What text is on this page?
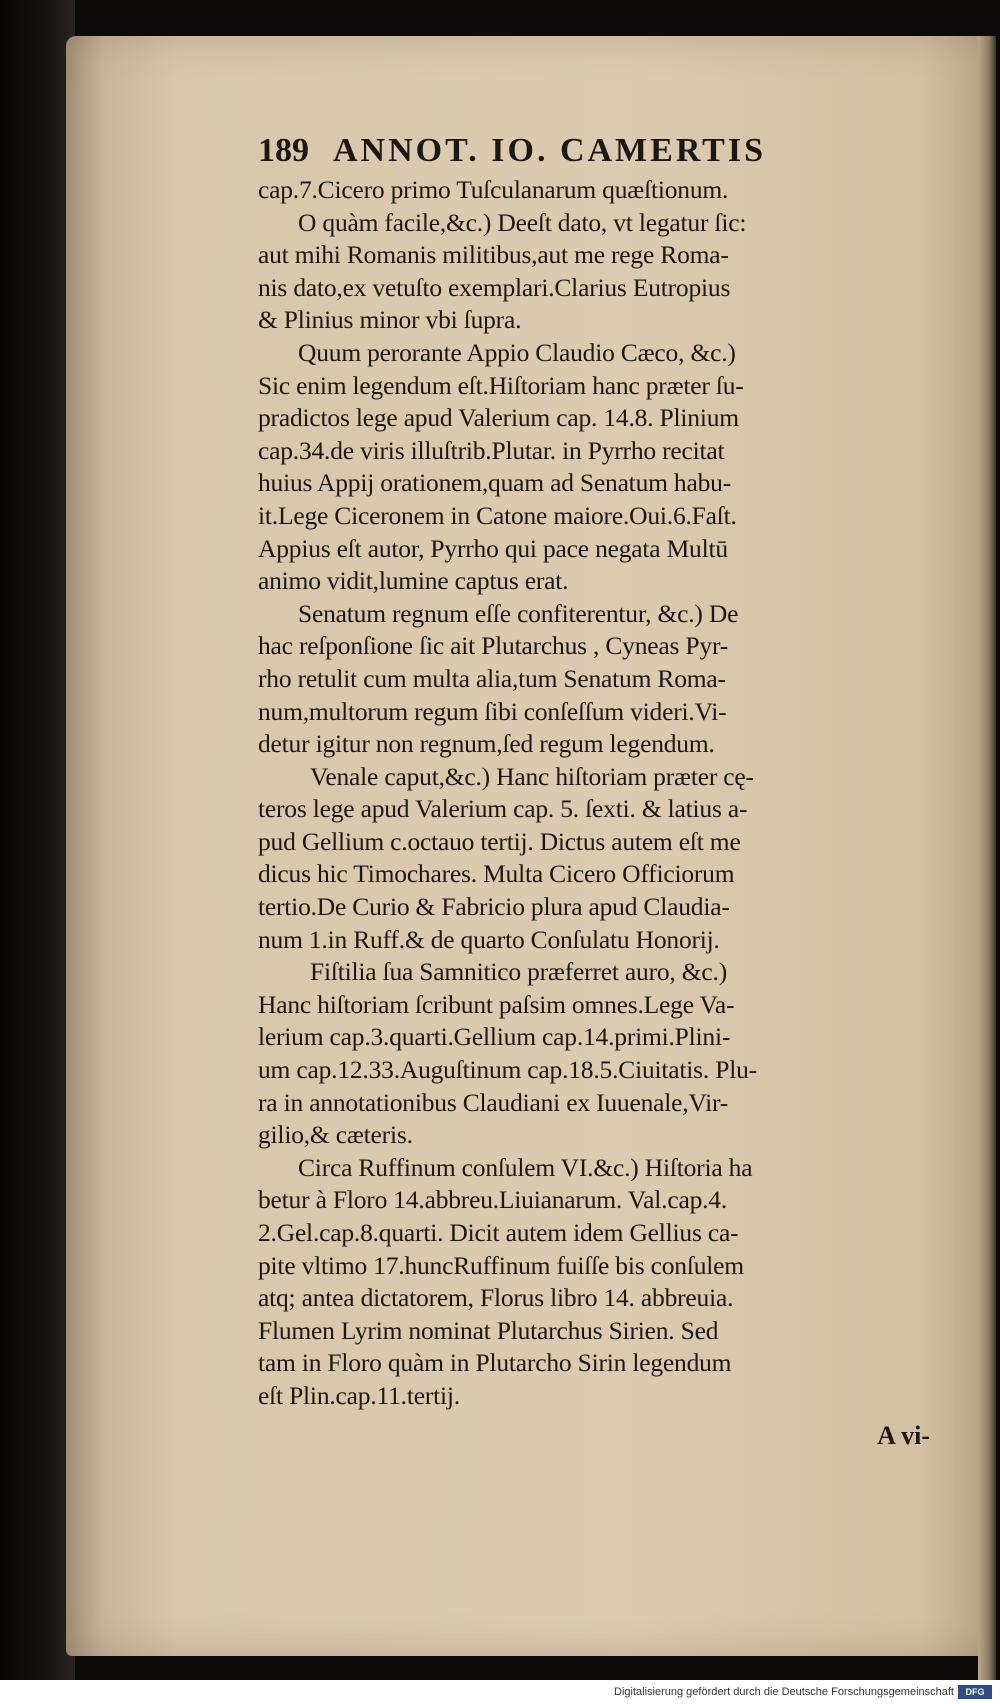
189 ANNOT. IO. CAMERTIS
cap.7.Cicero primo Tuſculanarum quæſtionum.
O quàm facile,&c.) Deeſt dato, vt legatur ſic:
aut mihi Romanis militibus,aut me rege Roma-
nis dato,ex vetuſto exemplari.Clarius Eutropius
& Plinius minor vbi ſupra.
Quum perorante Appio Claudio Cæco, &c.)
Sic enim legendum eſt.Hiſtoriam hanc præter ſu-
pradictos lege apud Valerium cap. 14.8. Plinium
cap.34.de viris illuſtrib.Plutar. in Pyrrho recitat
huius Appij orationem,quam ad Senatum habu-
it.Lege Ciceronem in Catone maiore.Oui.6.Faſt.
Appius eſt autor, Pyrrho qui pace negata Multū
animo vidit,lumine captus erat.
Senatum regnum eſſe confiterentur, &c.) De
hac reſponſione ſic ait Plutarchus , Cyneas Pyr-
rho retulit cum multa alia,tum Senatum Roma-
num,multorum regum ſibi conſeſſum videri.Vi-
detur igitur non regnum,ſed regum legendum.
Venale caput,&c.) Hanc hiſtoriam præter cę-
teros lege apud Valerium cap. 5. ſexti. & latius a-
pud Gellium c.octauo tertij. Dictus autem eſt me
dicus hic Timochares. Multa Cicero Officiorum
tertio.De Curio & Fabricio plura apud Claudia-
num 1.in Ruff.& de quarto Conſulatu Honorij.
Fiſtilia ſua Samnitico præferret auro, &c.)
Hanc hiſtoriam ſcribunt paſsim omnes.Lege Va-
lerium cap.3.quarti.Gellium cap.14.primi.Plini-
um cap.12.33.Auguſtinum cap.18.5.Ciuitatis. Plu-
ra in annotationibus Claudiani ex Iuuenale,Vir-
gilio,& cæteris.
Circa Ruffinum conſulem VI.&c.) Hiſtoria ha
betur à Floro 14.abbreu.Liuianarum. Val.cap.4.
2.Gel.cap.8.quarti. Dicit autem idem Gellius ca-
pite vltimo 17.huncRuffinum fuiſſe bis conſulem
atq; antea dictatorem, Florus libro 14. abbreuia.
Flumen Lyrim nominat Plutarchus Sirien. Sed
tam in Floro quàm in Plutarcho Sirin legendum
eſt Plin.cap.11.tertij.
A vi-
Digitalisierung gefördert durch die Deutsche Forschungsgemeinschaft	DFG
